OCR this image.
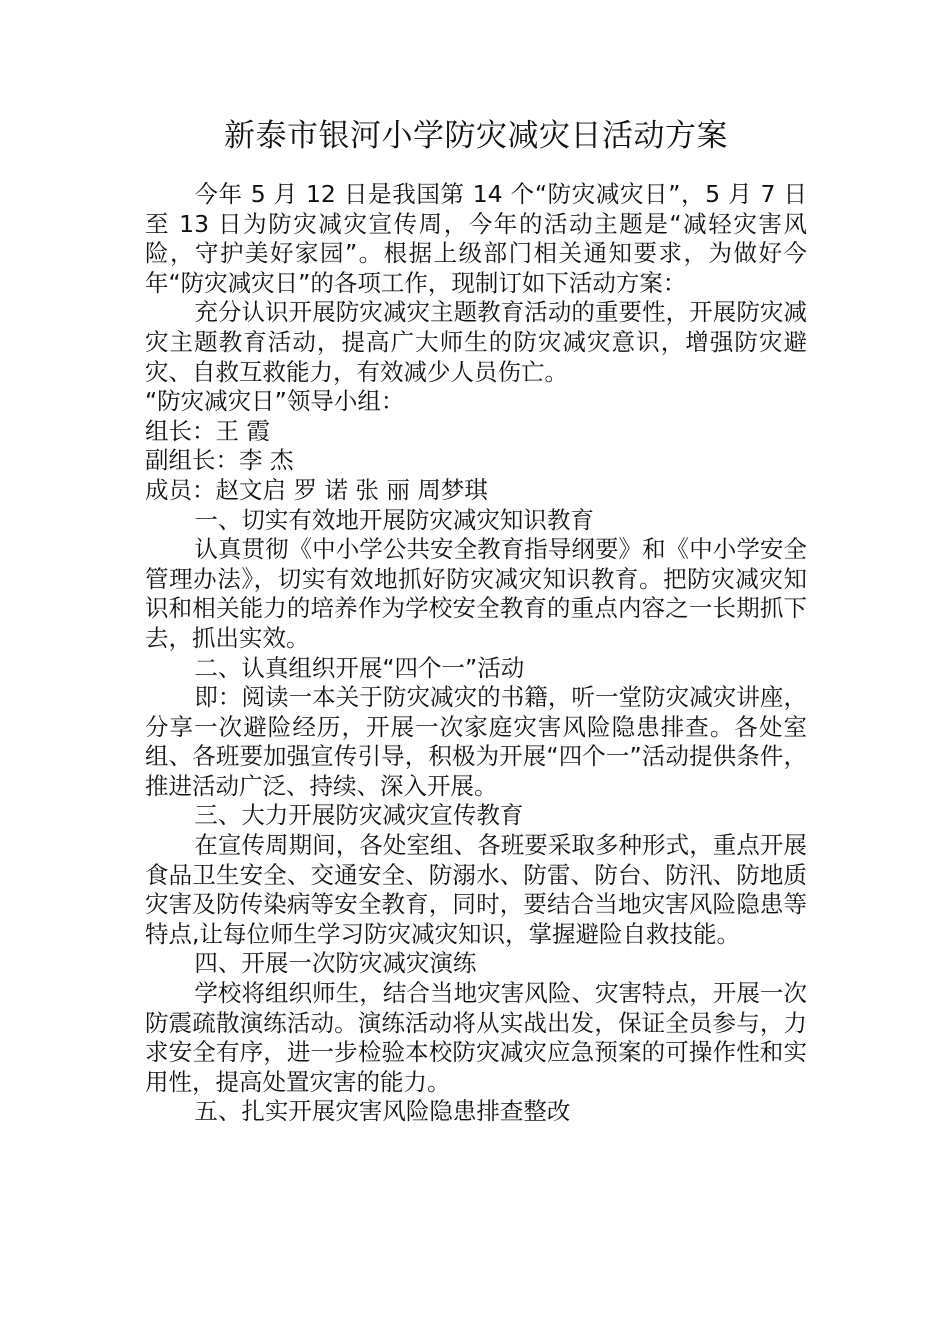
新泰市银河小学防灾减灾日活动方案

今年 5 月 12 日是我国第 14 个“防灾减灾日”，5 月 7 日至 13 日为防灾减灾宣传周，今年的活动主题是“减轻灾害风险，守护美好家园”。根据上级部门相关通知要求，为做好今年“防灾减灾日”的各项工作，现制订如下活动方案：

充分认识开展防灾减灾主题教育活动的重要性，开展防灾减灾主题教育活动，提高广大师生的防灾减灾意识，增强防灾避灾、自救互救能力，有效减少人员伤亡。

“防灾减灾日”领导小组：

组长：王 霞

副组长：李 杰

成员：赵文启 罗 诺 张 丽 周梦琪

一、切实有效地开展防灾减灾知识教育

认真贯彻《中小学公共安全教育指导纲要》和《中小学安全管理办法》，切实有效地抓好防灾减灾知识教育。把防灾减灾知识和相关能力的培养作为学校安全教育的重点内容之一长期抓下去，抓出实效。

二、认真组织开展“四个一”活动

即：阅读一本关于防灾减灾的书籍，听一堂防灾减灾讲座，分享一次避险经历，开展一次家庭灾害风险隐患排查。各处室组、各班要加强宣传引导，积极为开展“四个一”活动提供条件，推进活动广泛、持续、深入开展。

三、大力开展防灾减灾宣传教育

在宣传周期间，各处室组、各班要采取多种形式，重点开展食品卫生安全、交通安全、防溺水、防雷、防台、防汛、防地质灾害及防传染病等安全教育，同时，要结合当地灾害风险隐患等特点,让每位师生学习防灾减灾知识，掌握避险自救技能。

四、开展一次防灾减灾演练

学校将组织师生，结合当地灾害风险、灾害特点，开展一次防震疏散演练活动。演练活动将从实战出发，保证全员参与，力求安全有序，进一步检验本校防灾减灾应急预案的可操作性和实用性，提高处置灾害的能力。

五、扎实开展灾害风险隐患排查整改
